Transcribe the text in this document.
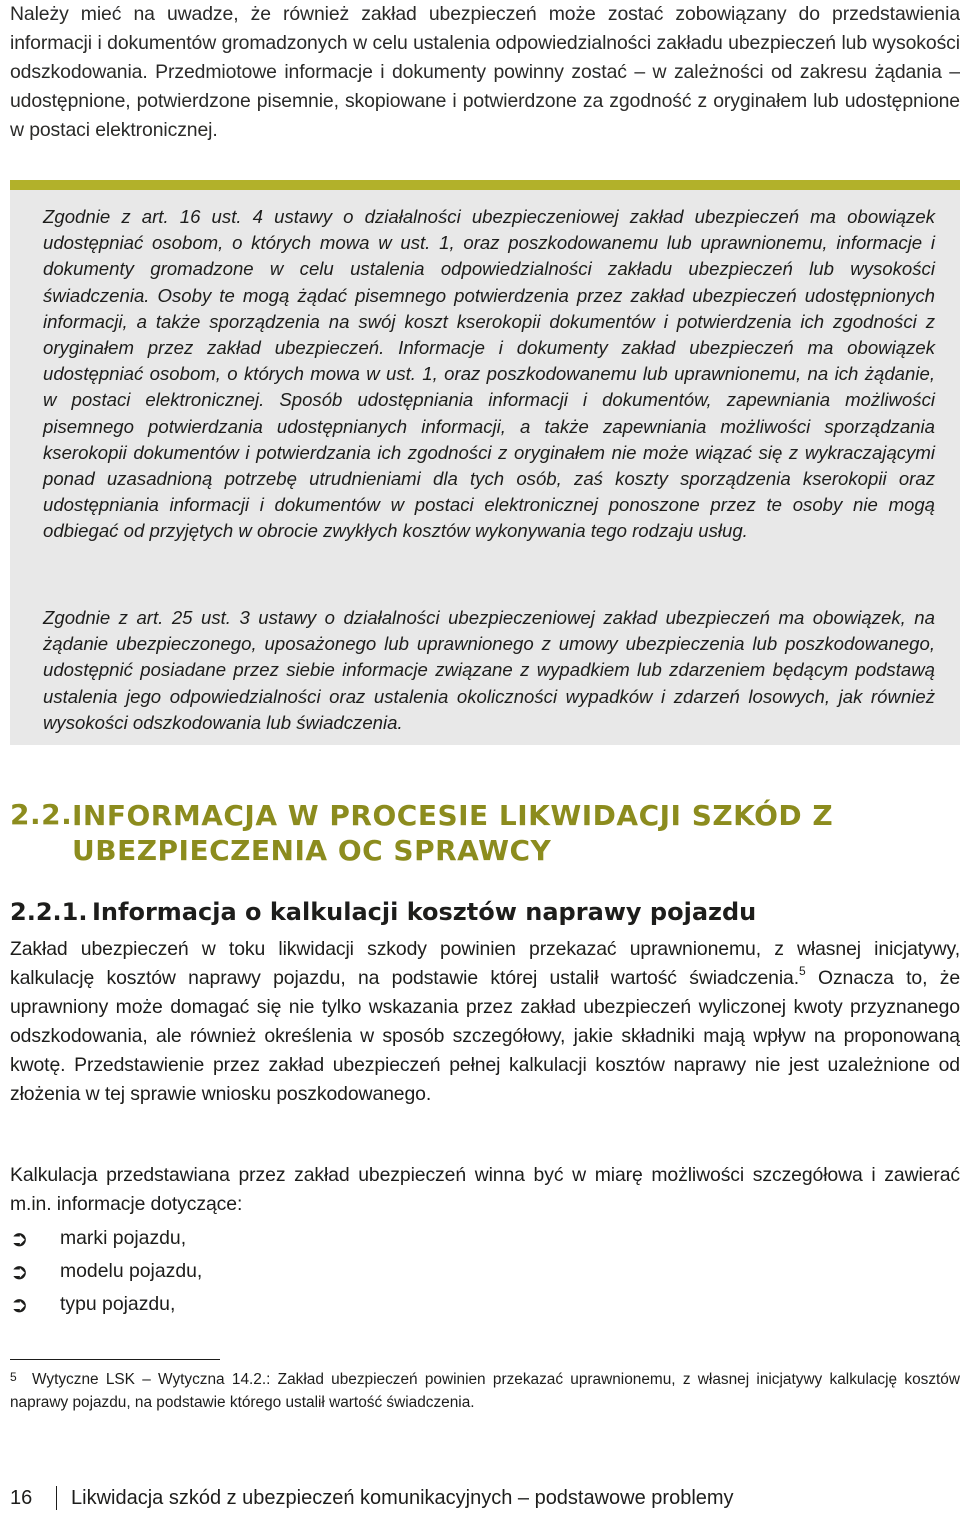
Należy mieć na uwadze, że również zakład ubezpieczeń może zostać zobowiązany do przedstawienia informacji i dokumentów gromadzonych w celu ustalenia odpowiedzialności zakładu ubezpieczeń lub wysokości odszkodowania. Przedmiotowe informacje i dokumenty powinny zostać – w zależności od zakresu żądania – udostępnione, potwierdzone pisemnie, skopiowane i potwierdzone za zgodność z oryginałem lub udostępnione w postaci elektronicznej.

Zgodnie z art. 16 ust. 4 ustawy o działalności ubezpieczeniowej zakład ubezpieczeń ma obowiązek udostępniać osobom, o których mowa w ust. 1, oraz poszkodowanemu lub uprawnionemu, informacje i dokumenty gromadzone w celu ustalenia odpowiedzialności zakładu ubezpieczeń lub wysokości świadczenia. Osoby te mogą żądać pisemnego potwierdzenia przez zakład ubezpieczeń udostępnionych informacji, a także sporządzenia na swój koszt kserokopii dokumentów i potwierdzenia ich zgodności z oryginałem przez zakład ubezpieczeń. Informacje i dokumenty zakład ubezpieczeń ma obowiązek udostępniać osobom, o których mowa w ust. 1, oraz poszkodowanemu lub uprawnionemu, na ich żądanie, w postaci elektronicznej. Sposób udostępniania informacji i dokumentów, zapewniania możliwości pisemnego potwierdzania udostępnianych informacji, a także zapewniania możliwości sporządzania kserokopii dokumentów i potwierdzania ich zgodności z oryginałem nie może wiązać się z wykraczającymi ponad uzasadnioną potrzebę utrudnieniami dla tych osób, zaś koszty sporządzenia kserokopii oraz udostępniania informacji i dokumentów w postaci elektronicznej ponoszone przez te osoby nie mogą odbiegać od przyjętych w obrocie zwykłych kosztów wykonywania tego rodzaju usług.

Zgodnie z art. 25 ust. 3 ustawy o działalności ubezpieczeniowej zakład ubezpieczeń ma obowiązek, na żądanie ubezpieczonego, uposażonego lub uprawnionego z umowy ubezpieczenia lub poszkodowanego, udostępnić posiadane przez siebie informacje związane z wypadkiem lub zdarzeniem będącym podstawą ustalenia jego odpowiedzialności oraz ustalenia okoliczności wypadków i zdarzeń losowych, jak również wysokości odszkodowania lub świadczenia.

2.2. INFORMACJA W PROCESIE LIKWIDACJI SZKÓD Z UBEZPIECZENIA OC SPRAWCY
2.2.1. Informacja o kalkulacji kosztów naprawy pojazdu

Zakład ubezpieczeń w toku likwidacji szkody powinien przekazać uprawnionemu, z własnej inicjatywy, kalkulację kosztów naprawy pojazdu, na podstawie której ustalił wartość świadczenia.$^5$ Oznacza to, że uprawniony może domagać się nie tylko wskazania przez zakład ubezpieczeń wyliczonej kwoty przyznanego odszkodowania, ale również określenia w sposób szczegółowy, jakie składniki mają wpływ na proponowaną kwotę. Przedstawienie przez zakład ubezpieczeń pełnej kalkulacji kosztów naprawy nie jest uzależnione od złożenia w tej sprawie wniosku poszkodowanego.

Kalkulacja przedstawiana przez zakład ubezpieczeń winna być w miarę możliwości szczegółowa i zawierać m.in. informacje dotyczące:

➲	marki pojazdu,
➲	modelu pojazdu,
➲	typu pojazdu,

5 Wytyczne LSK – Wytyczna 14.2.: Zakład ubezpieczeń powinien przekazać uprawnionemu, z własnej inicjatywy kalkulację kosztów naprawy pojazdu, na podstawie którego ustalił wartość świadczenia.

16	Likwidacja szkód z ubezpieczeń komunikacyjnych – podstawowe problemy
